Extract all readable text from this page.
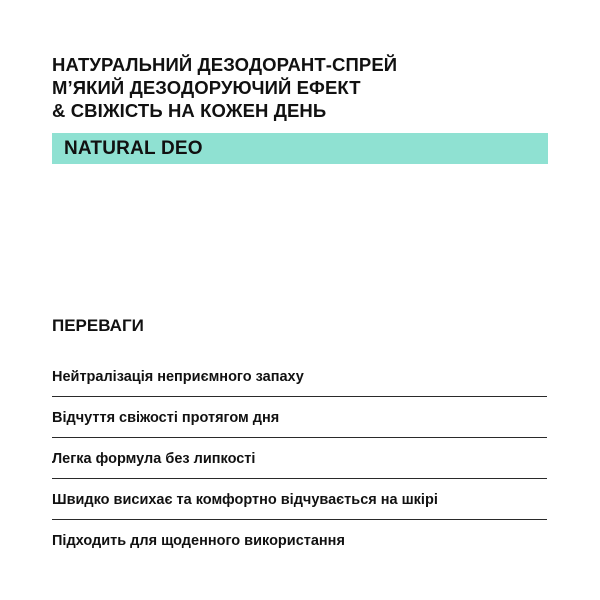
НАТУРАЛЬНИЙ ДЕЗОДОРАНТ-СПРЕЙ
М’ЯКИЙ ДЕЗОДОРУЮЧИЙ ЕФЕКТ
& СВІЖІСТЬ НА КОЖЕН ДЕНЬ
NATURAL DEO
ПЕРЕВАГИ
Нейтралізація неприємного запаху
Відчуття свіжості протягом дня
Легка формула без липкості
Швидко висихає та комфортно відчувається на шкірі
Підходить для щоденного використання
